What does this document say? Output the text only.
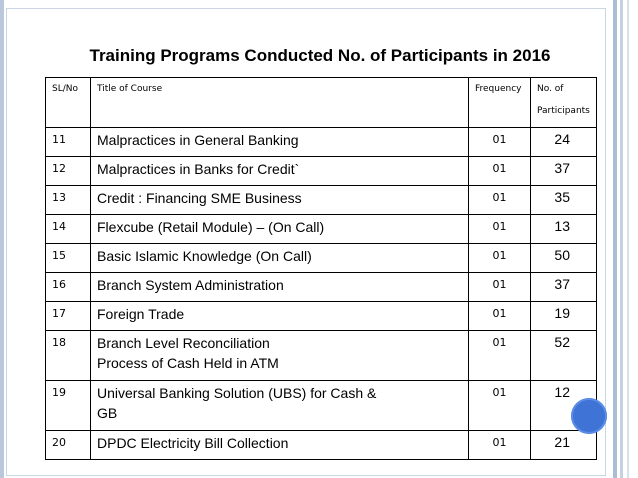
Training Programs Conducted No. of Participants in 2016
SL/No	Title of Course	Frequency	No. of
Participants

11	Malpractices in General Banking	01	24
12	Malpractices in Banks for Credit`	01	37
13	Credit : Financing SME Business	01	35
14	Flexcube (Retail Module) – (On Call)	01	13
15	Basic Islamic Knowledge (On Call)	01	50
16	Branch System Administration	01	37
17	Foreign Trade	01	19
18	Branch Level Reconciliation Process of Cash Held in ATM	01	52
19	Universal Banking Solution (UBS) for Cash & GB	01	12
20	DPDC Electricity Bill Collection	01	21
